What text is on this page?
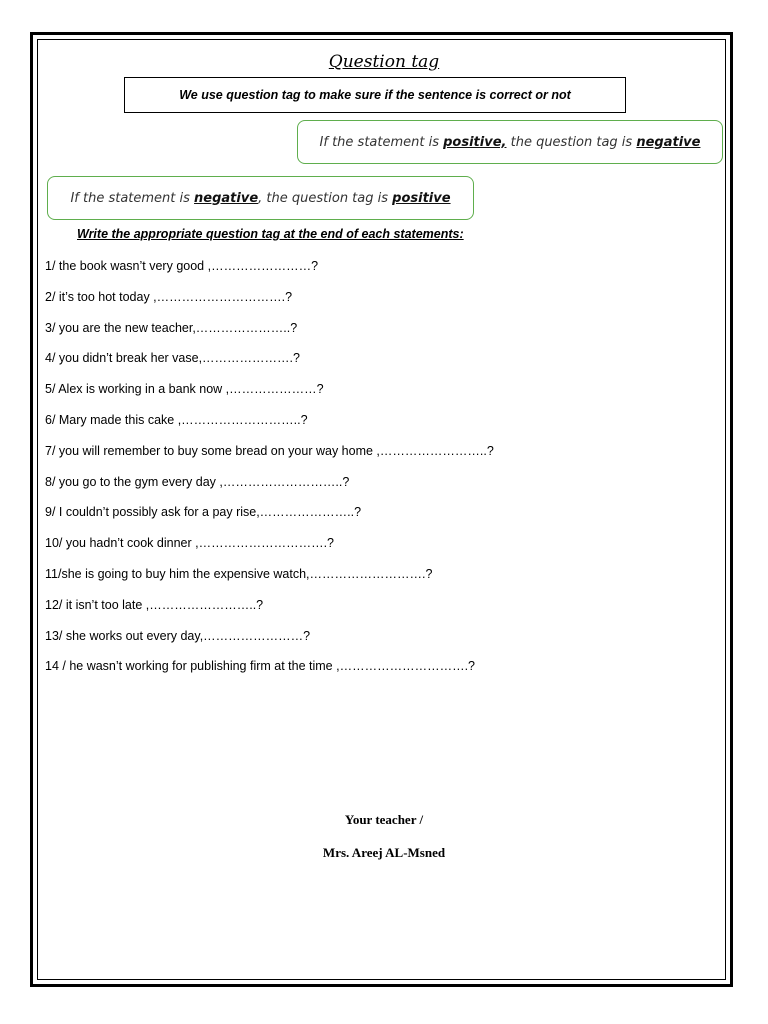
Question tag
We use question tag to make sure if the sentence is correct or not
If the statement is positive, the question tag is negative
If the statement is negative, the question tag is positive
Write the appropriate question tag at the end of each statements:
1/ the book wasn’t very good ,……………………?
2/ it’s too hot today ,………………………….?
3/ you are the new teacher,…………………..?
4/ you didn’t break her vase,………………….?
5/ Alex is working in a bank now ,…………………?
6/ Mary made this cake ,………………………..?
7/ you will remember to buy some bread on your way home ,……………………..?
8/ you go to the gym every day ,………………………..?
9/ I couldn’t possibly ask for a pay rise,…………………..?
10/ you hadn’t cook dinner ,………………………….?
11/she is going to buy him the expensive watch,……………………….?
12/ it isn’t too late ,……………………..?
13/ she works out every day,……………………?
14 / he wasn’t working for publishing firm at the time ,………………………….?
Your teacher /
Mrs. Areej AL-Msned
